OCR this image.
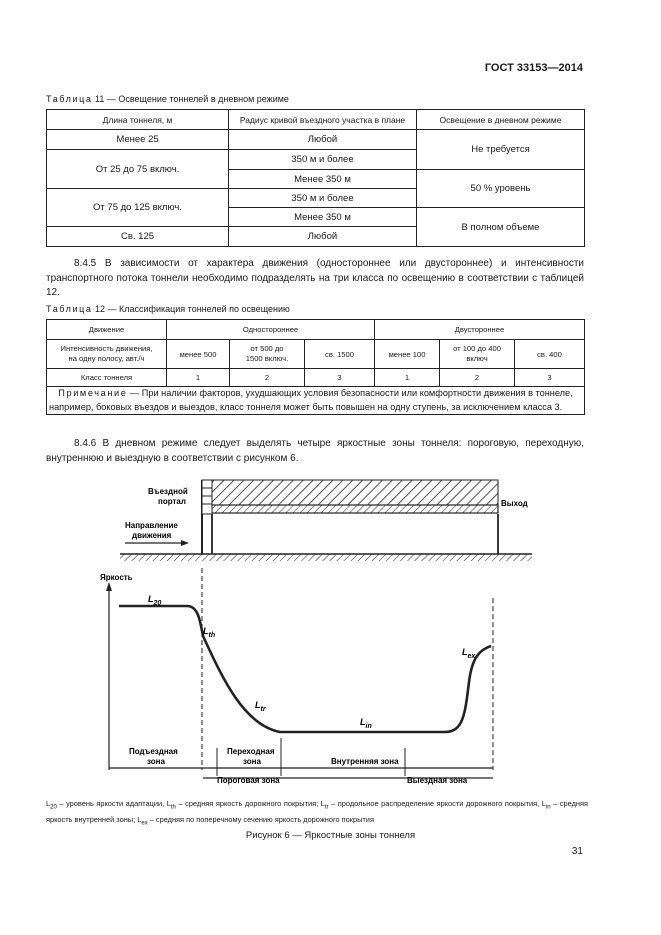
ГОСТ 33153—2014
Таблица 11 — Освещение тоннелей в дневном режиме
Длина тоннеля, м	Радиус кривой въездного участка в плане	Освещение в дневном режиме
Менее 25	Любой	Не требуется
От 25 до 75 включ.	350 м и более	
	Менее 350 м	50 % уровень
От 75 до 125 включ.	350 м и более	
	Менее 350 м	В полном объеме
Св. 125	Любой	
8.4.5 В зависимости от характера движения (одностороннее или двустороннее) и интенсивности транспортного потока тоннели необходимо подразделять на три класса по освещению в соответствии с таблицей 12.
Таблица 12 — Классификация тоннелей по освещению
Движение	Одностороннее			Двустороннее		
Интенсивность движения, на одну полосу, авт./ч	менее 500	от 500 до 1500 включ.	св. 1500	менее 100	от 100 до 400 включ	св. 400
Класс тоннеля	1	2	3	1	2	3
Примечание — При наличии факторов, ухудшающих условия безопасности или комфортности движения в тоннеле, например, боковых въездов и выездов, класс тоннеля может быть повышен на одну ступень, за исключением класса 3.						
8.4.6 В дневном режиме следует выделять четыре яркостные зоны тоннеля: пороговую, переходную, внутреннюю и выездную в соответствии с рисунком 6.
Въездной
портал	Выход
Направление
движения
Яркость
$L_{20}$
$L_{th}$
$L_{tr}$
$L_{in}$
$L_{ex}$
Подъездная
зона
Переходная
зона	Внутренняя зона
Пороговая зона	Выездная зона
$L_{20}$ – уровень яркости адаптации, $L_{th}$ – средняя яркость дорожного покрытия; $L_{tr}$ – продольное распределение яркости дорожного покрытия, $L_{in}$ – средняя яркость внутренней зоны; $L_{ex}$ – средняя по поперечному сечению яркость дорожного покрытия
Рисунок 6 — Яркостные зоны тоннеля
31
